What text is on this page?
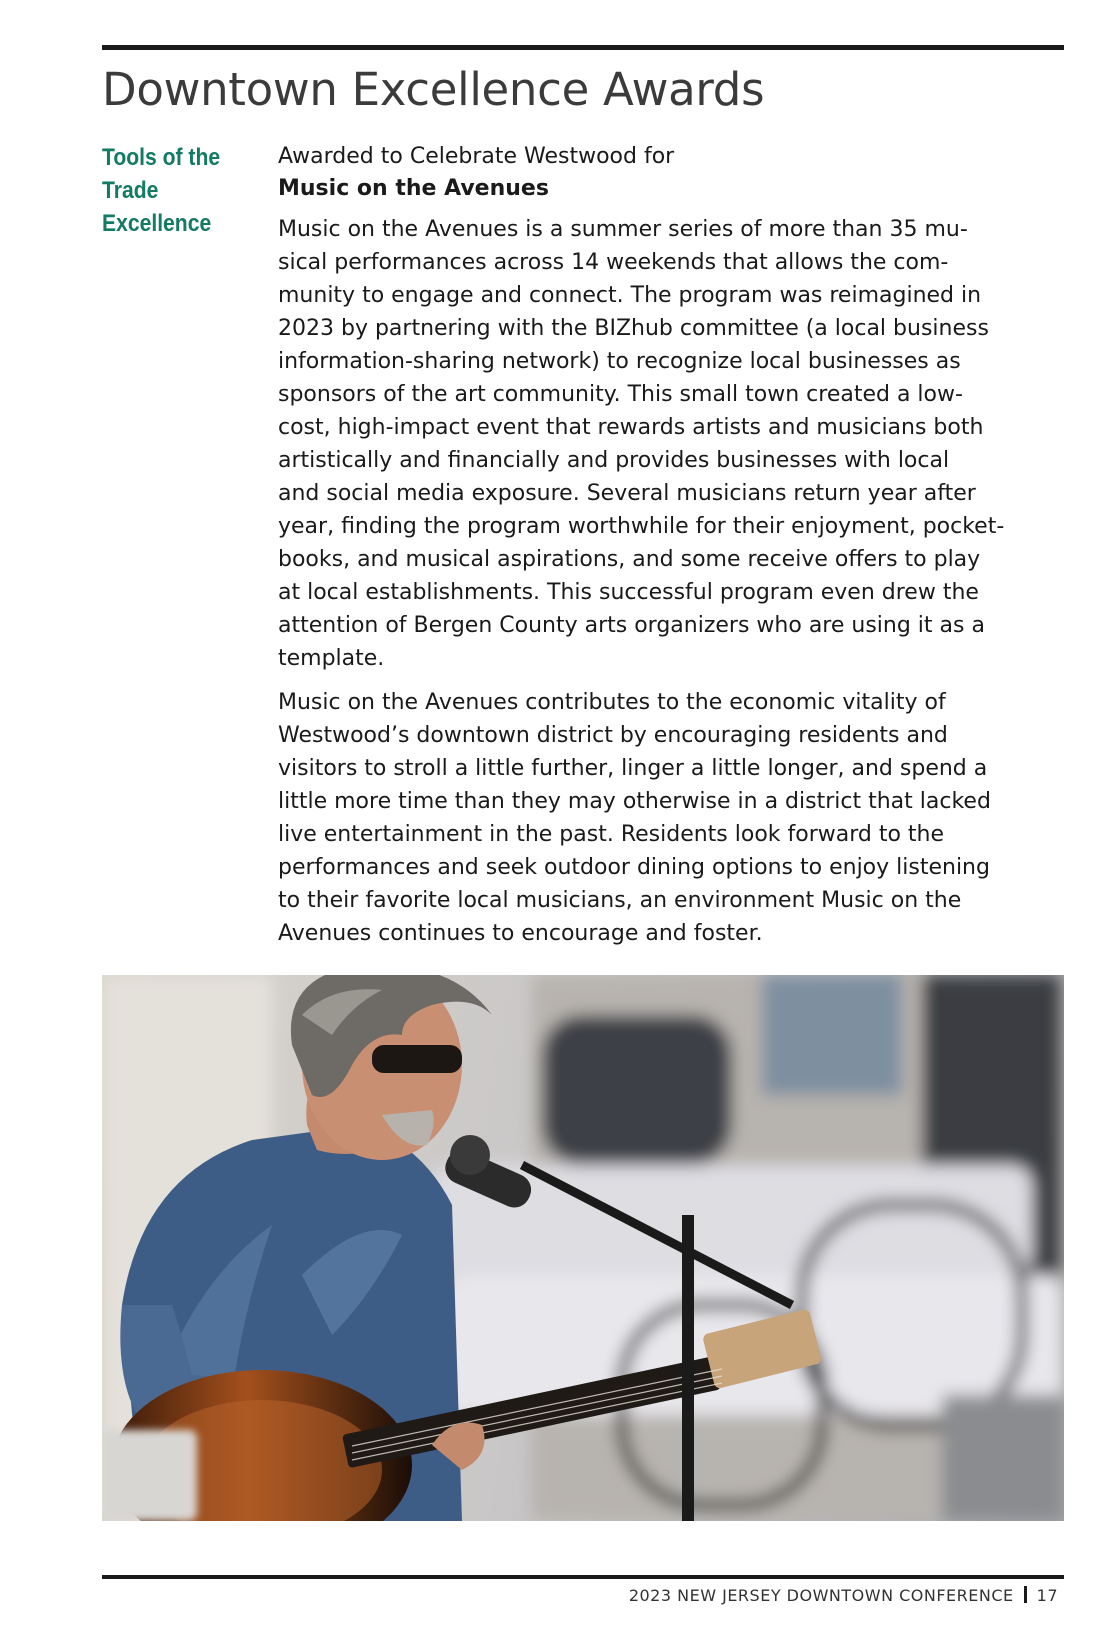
Downtown Excellence Awards
Tools of the
Trade
Excellence
Awarded to Celebrate Westwood for
Music on the Avenues

Music on the Avenues is a summer series of more than 35 mu-
sical performances across 14 weekends that allows the com-
munity to engage and connect. The program was reimagined in
2023 by partnering with the BIZhub committee (a local business
information-sharing network) to recognize local businesses as
sponsors of the art community. This small town created a low-
cost, high-impact event that rewards artists and musicians both
artistically and financially and provides businesses with local
and social media exposure. Several musicians return year after
year, finding the program worthwhile for their enjoyment, pocket-
books, and musical aspirations, and some receive offers to play
at local establishments. This successful program even drew the
attention of Bergen County arts organizers who are using it as a
template.

Music on the Avenues contributes to the economic vitality of
Westwood’s downtown district by encouraging residents and
visitors to stroll a little further, linger a little longer, and spend a
little more time than they may otherwise in a district that lacked
live entertainment in the past. Residents look forward to the
performances and seek outdoor dining options to enjoy listening
to their favorite local musicians, an environment Music on the
Avenues continues to encourage and foster.

2023 NEW JERSEY DOWNTOWN CONFERENCE 17
